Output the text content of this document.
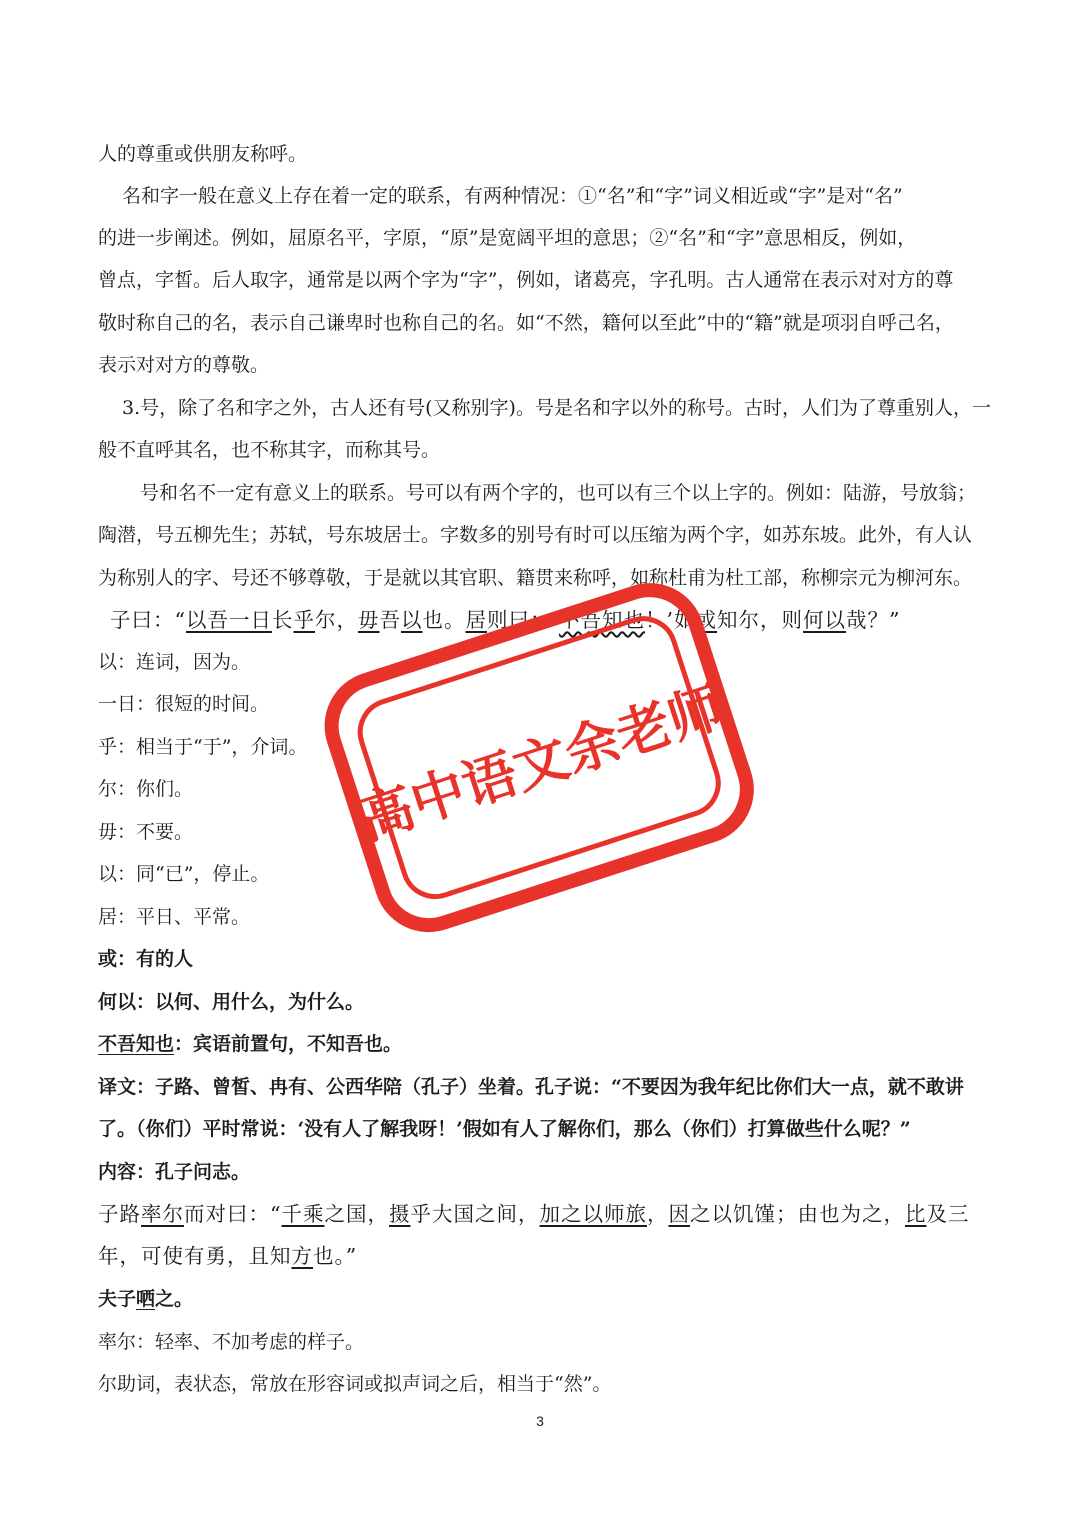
人的尊重或供朋友称呼。
名和字一般在意义上存在着一定的联系，有两种情况：①“名”和“字”词义相近或“字”是对“名”
的进一步阐述。例如，屈原名平，字原，“原”是宽阔平坦的意思；②“名”和“字”意思相反，例如，
曾点，字皙。后人取字，通常是以两个字为“字”，例如，诸葛亮，字孔明。古人通常在表示对对方的尊
敬时称自己的名，表示自己谦卑时也称自己的名。如“不然，籍何以至此”中的“籍”就是项羽自呼己名，
表示对对方的尊敬。
3.号，除了名和字之外，古人还有号(又称别字)。号是名和字以外的称号。古时，人们为了尊重别人，一
般不直呼其名，也不称其字，而称其号。
号和名不一定有意义上的联系。号可以有两个字的，也可以有三个以上字的。例如：陆游，号放翁；
陶潜，号五柳先生；苏轼，号东坡居士。字数多的别号有时可以压缩为两个字，如苏东坡。此外，有人认
为称别人的字、号还不够尊敬，于是就以其官职、籍贯来称呼，如称杜甫为杜工部，称柳宗元为柳河东。
子曰：“以吾一日长乎尔，毋吾以也。居则曰：‘不吾知也！’如或知尔，则何以哉？”
以：连词，因为。
一日：很短的时间。
乎：相当于“于”，介词。
尔：你们。
毋：不要。
以：同“已”，停止。
居：平日、平常。
或：有的人
何以：以何、用什么，为什么。
不吾知也：宾语前置句，不知吾也。
译文：子路、曾皙、冉有、公西华陪（孔子）坐着。孔子说：“不要因为我年纪比你们大一点，就不敢讲
了。（你们）平时常说：‘没有人了解我呀！’假如有人了解你们，那么（你们）打算做些什么呢？”
内容：孔子问志。
子路率尔而对曰：“千乘之国，摄乎大国之间，加之以师旅，因之以饥馑；由也为之，比及三
年，可使有勇，且知方也。”
夫子哂之。
率尔：轻率、不加考虑的样子。
尔助词，表状态，常放在形容词或拟声词之后，相当于“然”。
3
高中语文余老师
